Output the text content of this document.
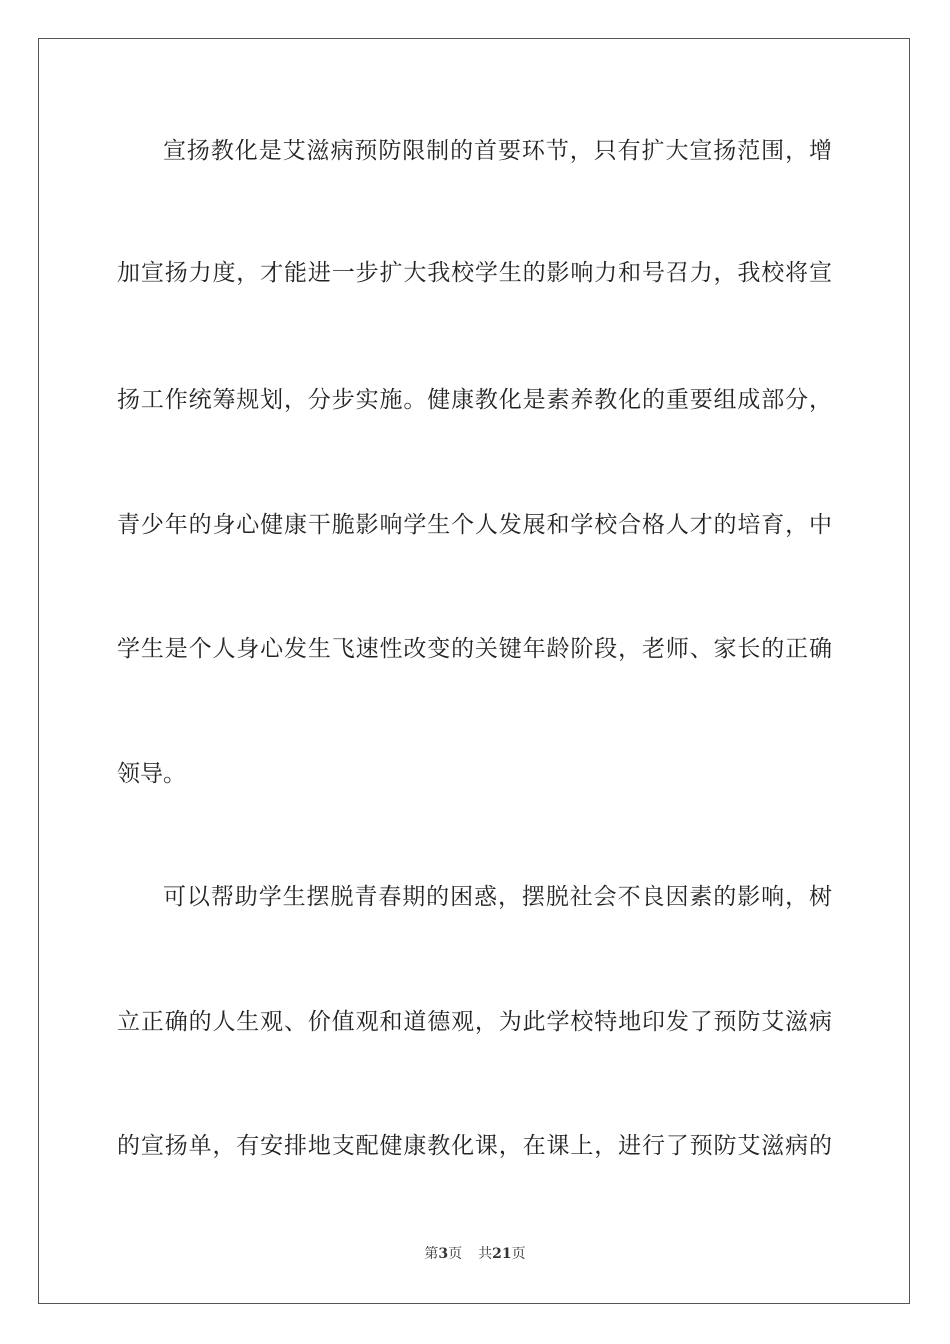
宣扬教化是艾滋病预防限制的首要环节，只有扩大宣扬范围，增
加宣扬力度，才能进一步扩大我校学生的影响力和号召力，我校将宣
扬工作统筹规划，分步实施。健康教化是素养教化的重要组成部分，
青少年的身心健康干脆影响学生个人发展和学校合格人才的培育，中
学生是个人身心发生飞速性改变的关键年龄阶段，老师、家长的正确
领导。
可以帮助学生摆脱青春期的困惑，摆脱社会不良因素的影响，树
立正确的人生观、价值观和道德观，为此学校特地印发了预防艾滋病
的宣扬单，有安排地支配健康教化课，在课上，进行了预防艾滋病的
第3页 共21页
